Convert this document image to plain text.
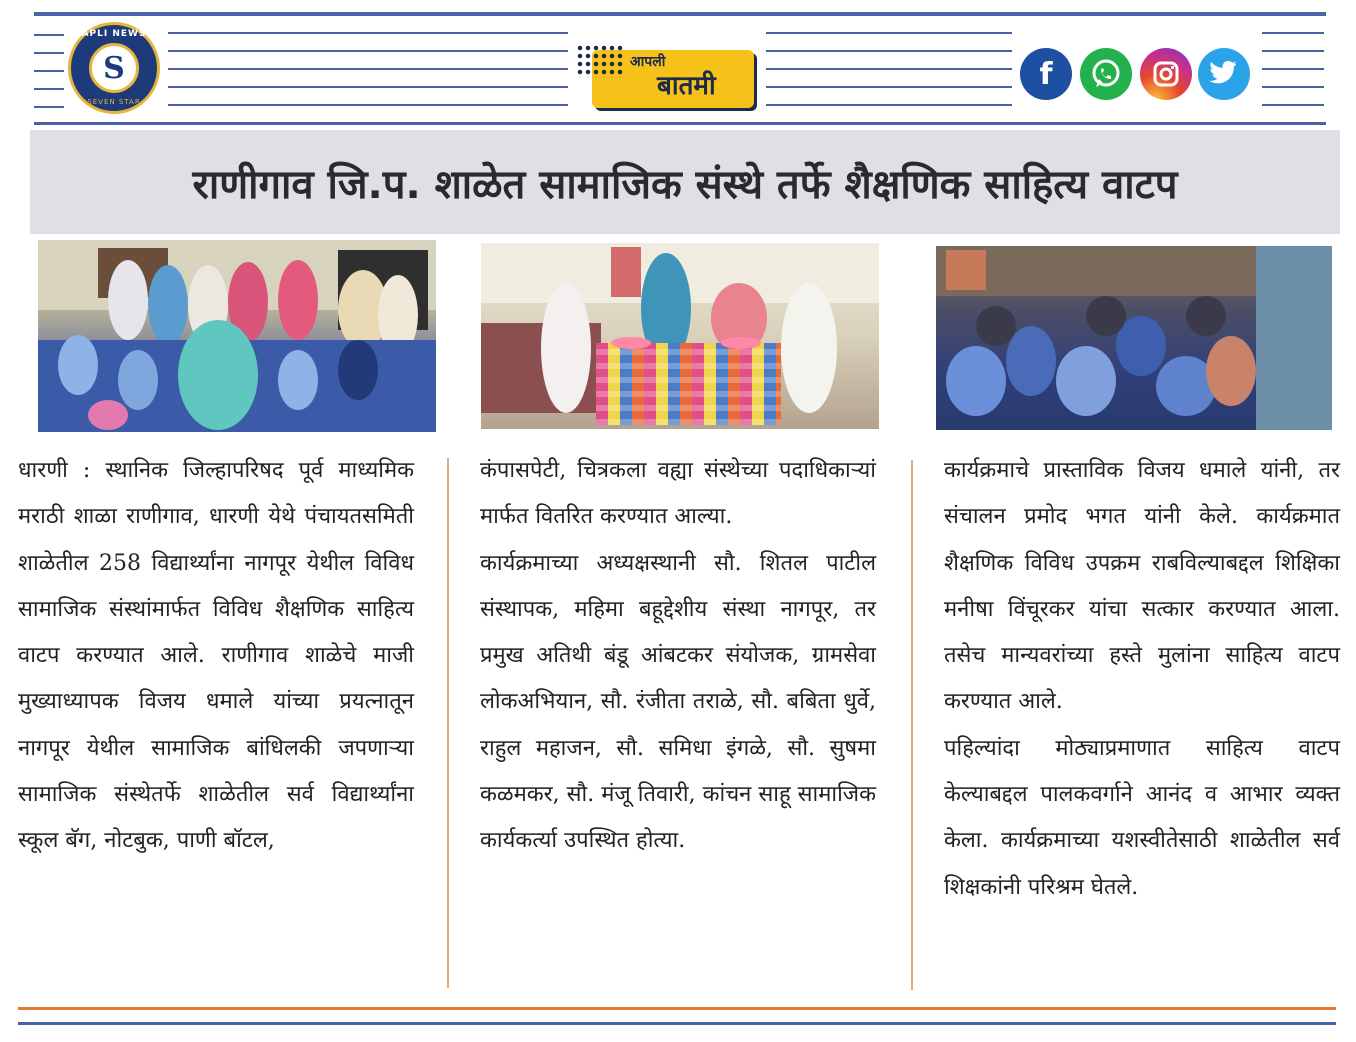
APLI NEWS
S
SEVEN STAR
आपली
बातमी	f
राणीगाव जि.प. शाळेत सामाजिक संस्थे तर्फे शैक्षणिक साहित्य वाटप

धारणी : स्थानिक जिल्हापरिषद पूर्व माध्यमिक मराठी शाळा राणीगाव, धारणी येथे पंचायतसमिती शाळेतील 258 विद्यार्थ्यांना नागपूर येथील विविध सामाजिक संस्थांमार्फत विविध शैक्षणिक साहित्य वाटप करण्यात आले. राणीगाव शाळेचे माजी मुख्याध्यापक विजय धमाले यांच्या प्रयत्नातून नागपूर येथील सामाजिक बांधिलकी जपणाऱ्या सामाजिक संस्थेतर्फे शाळेतील सर्व विद्यार्थ्यांना स्कूल बॅग, नोटबुक, पाणी बॉटल,

कंपासपेटी, चित्रकला वह्या संस्थेच्या पदाधिकाऱ्यां मार्फत वितरित करण्यात आल्या.

कार्यक्रमाच्या अध्यक्षस्थानी सौ. शितल पाटील संस्थापक, महिमा बहूद्देशीय संस्था नागपूर, तर प्रमुख अतिथी बंडू आंबटकर संयोजक, ग्रामसेवा लोकअभियान, सौ. रंजीता तराळे, सौ. बबिता धुर्वे, राहुल महाजन, सौ. समिधा इंगळे, सौ. सुषमा कळमकर, सौ. मंजू तिवारी, कांचन साहू सामाजिक कार्यकर्त्या उपस्थित होत्या.

कार्यक्रमाचे प्रास्ताविक विजय धमाले यांनी, तर संचालन प्रमोद भगत यांनी केले. कार्यक्रमात शैक्षणिक विविध उपक्रम राबविल्याबद्दल शिक्षिका मनीषा विंचूरकर यांचा सत्कार करण्यात आला. तसेच मान्यवरांच्या हस्ते मुलांना साहित्य वाटप करण्यात आले.

पहिल्यांदा मोठ्याप्रमाणात साहित्य वाटप केल्याबद्दल पालकवर्गाने आनंद व आभार व्यक्त केला. कार्यक्रमाच्या यशस्वीतेसाठी शाळेतील सर्व शिक्षकांनी परिश्रम घेतले.
